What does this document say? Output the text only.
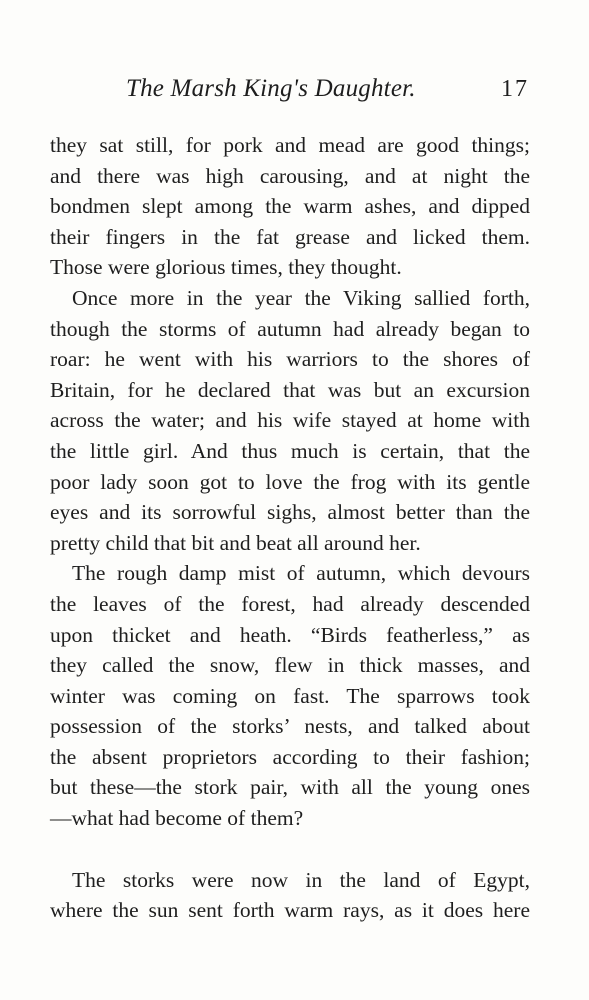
The Marsh King's Daughter.	17
they sat still, for pork and mead are good things;
and there was high carousing, and at night the
bondmen slept among the warm ashes, and dipped
their fingers in the fat grease and licked them.
Those were glorious times, they thought.
Once more in the year the Viking sallied forth,
though the storms of autumn had already began to
roar: he went with his warriors to the shores of
Britain, for he declared that was but an excursion
across the water; and his wife stayed at home with
the little girl. And thus much is certain, that the
poor lady soon got to love the frog with its gentle
eyes and its sorrowful sighs, almost better than the
pretty child that bit and beat all around her.
The rough damp mist of autumn, which devours
the leaves of the forest, had already descended
upon thicket and heath. “Birds featherless,” as
they called the snow, flew in thick masses, and
winter was coming on fast. The sparrows took
possession of the storks’ nests, and talked about
the absent proprietors according to their fashion;
but these—the stork pair, with all the young ones
—what had become of them?
The storks were now in the land of Egypt,
where the sun sent forth warm rays, as it does here
